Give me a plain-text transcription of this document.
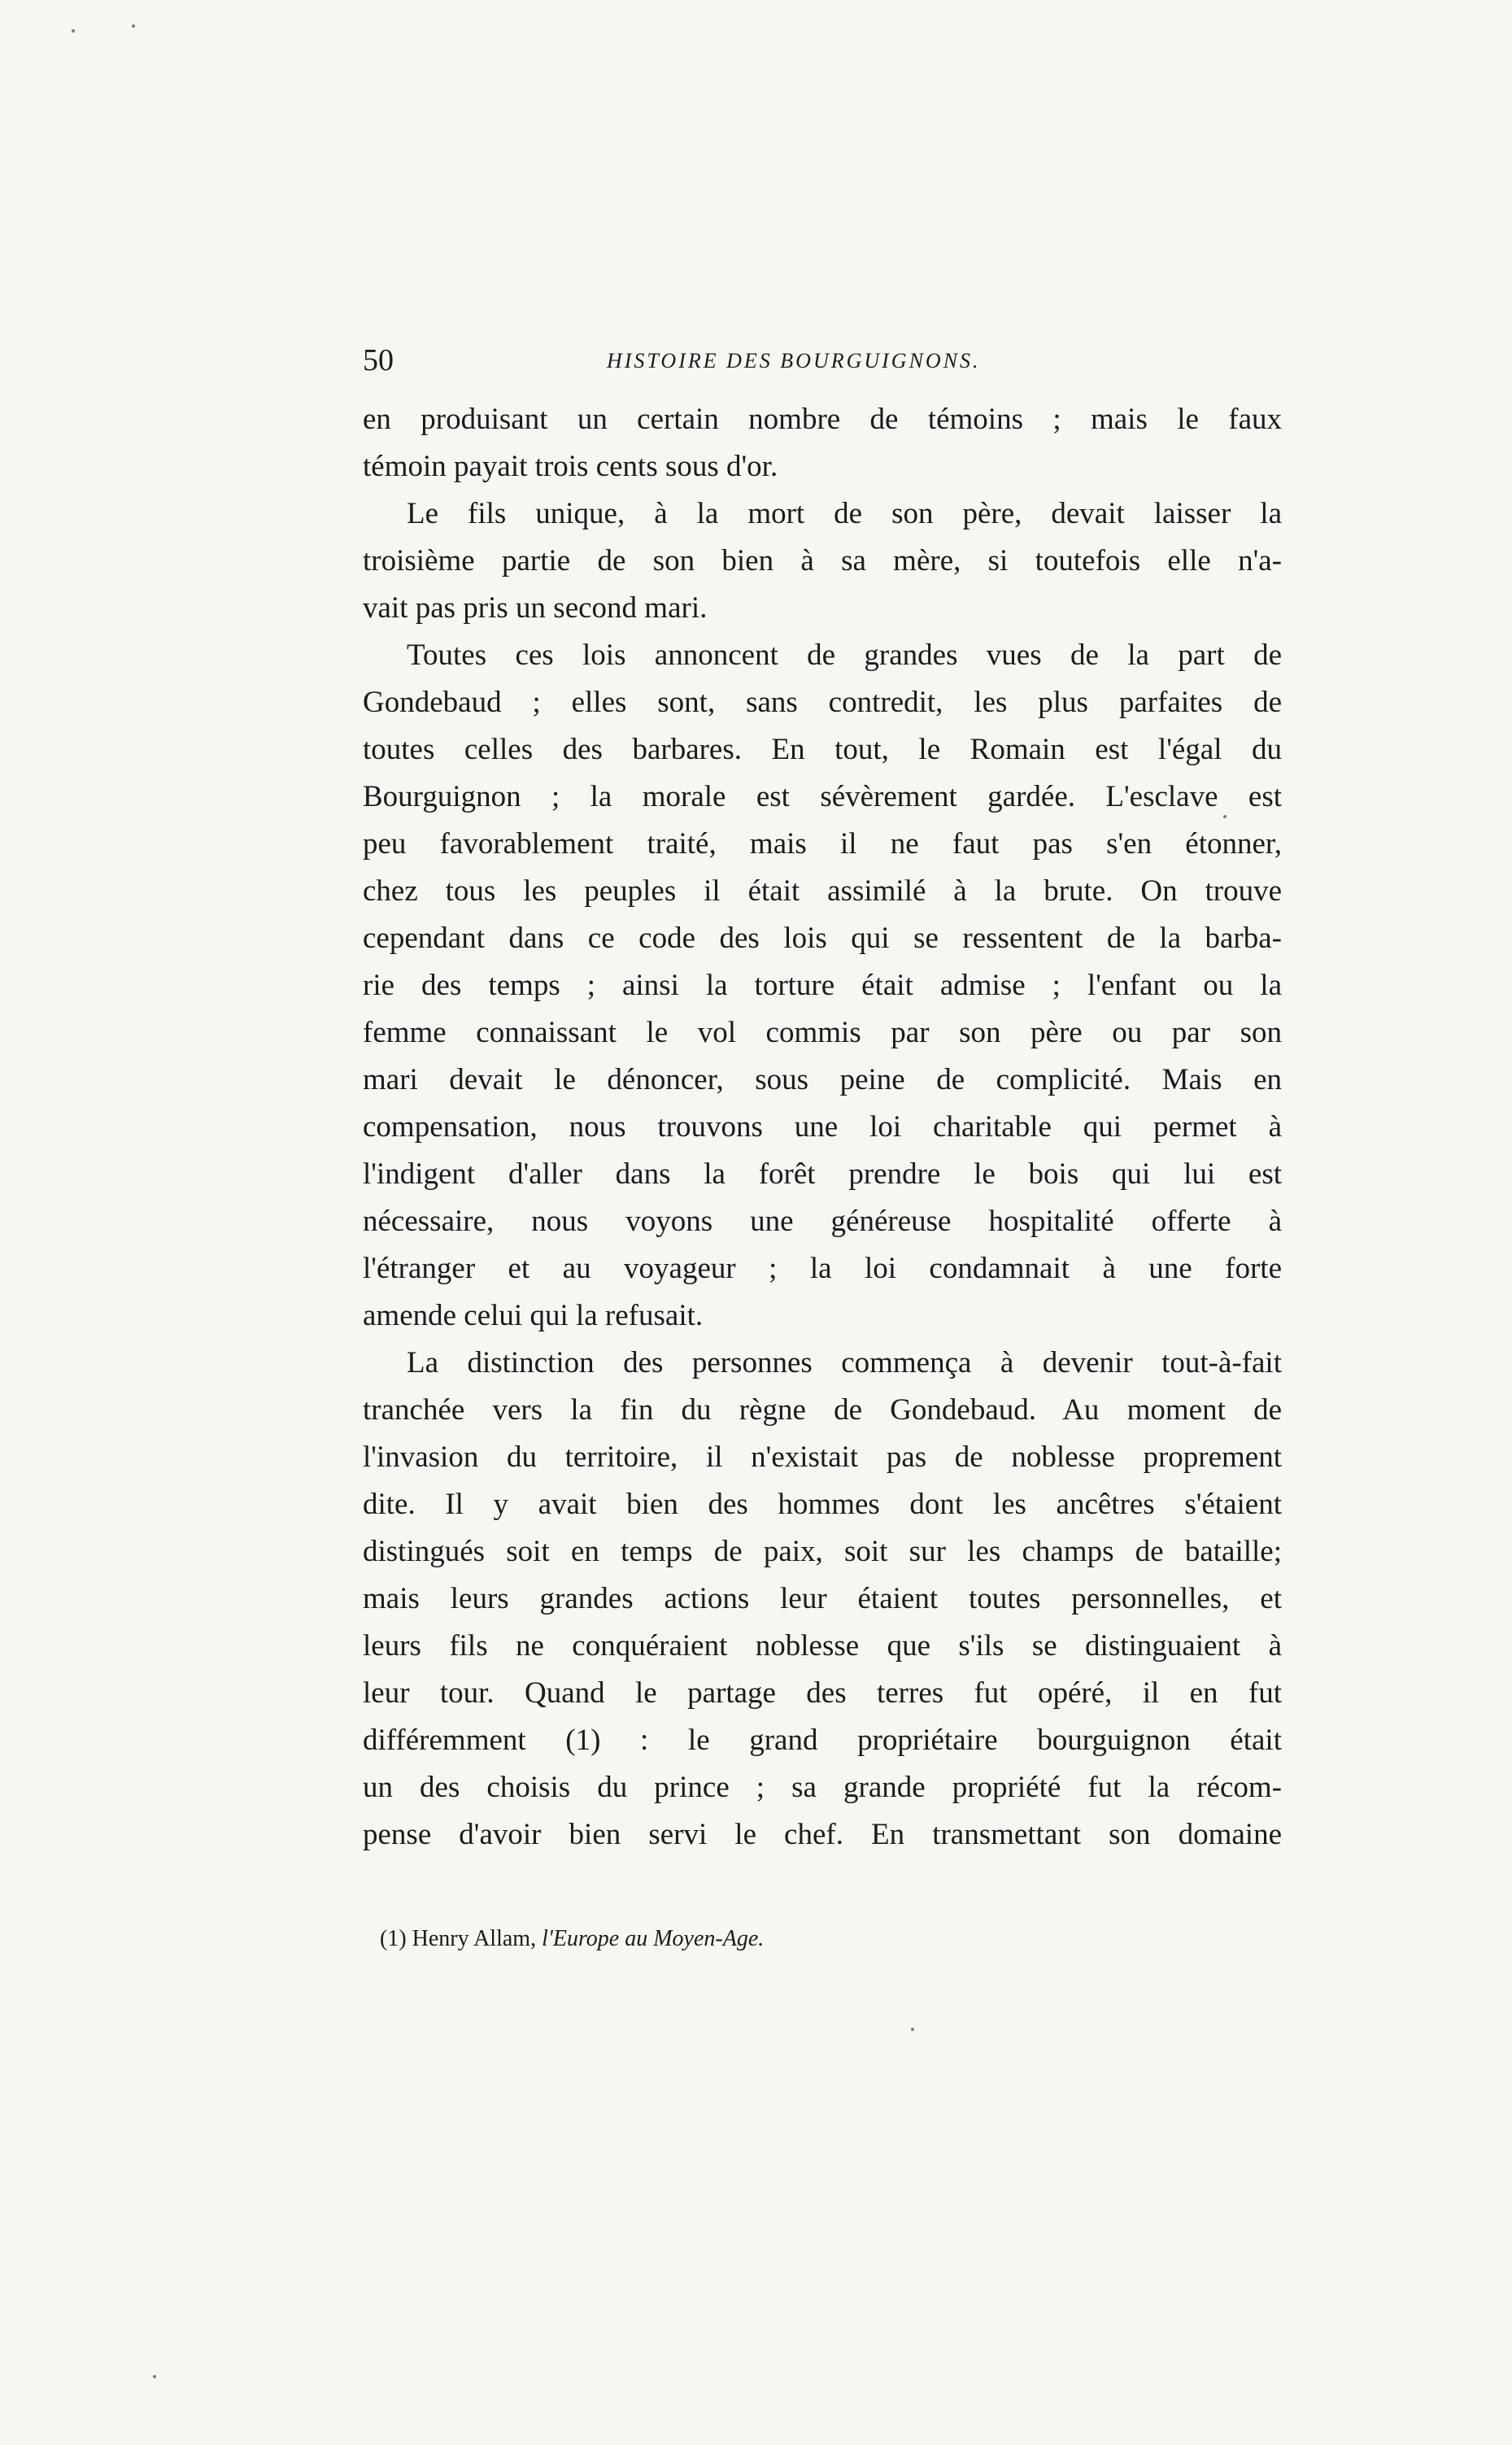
50	HISTOIRE DES BOURGUIGNONS.
en produisant un certain nombre de témoins ; mais le faux
témoin payait trois cents sous d'or.
Le fils unique, à la mort de son père, devait laisser la
troisième partie de son bien à sa mère, si toutefois elle n'a-
vait pas pris un second mari.
Toutes ces lois annoncent de grandes vues de la part de
Gondebaud ; elles sont, sans contredit, les plus parfaites de
toutes celles des barbares. En tout, le Romain est l'égal du
Bourguignon ; la morale est sévèrement gardée. L'esclave est
peu favorablement traité, mais il ne faut pas s'en étonner,
chez tous les peuples il était assimilé à la brute. On trouve
cependant dans ce code des lois qui se ressentent de la barba-
rie des temps ; ainsi la torture était admise ; l'enfant ou la
femme connaissant le vol commis par son père ou par son
mari devait le dénoncer, sous peine de complicité. Mais en
compensation, nous trouvons une loi charitable qui permet à
l'indigent d'aller dans la forêt prendre le bois qui lui est
nécessaire, nous voyons une généreuse hospitalité offerte à
l'étranger et au voyageur ; la loi condamnait à une forte
amende celui qui la refusait.
La distinction des personnes commença à devenir tout-à-fait
tranchée vers la fin du règne de Gondebaud. Au moment de
l'invasion du territoire, il n'existait pas de noblesse proprement
dite. Il y avait bien des hommes dont les ancêtres s'étaient
distingués soit en temps de paix, soit sur les champs de bataille;
mais leurs grandes actions leur étaient toutes personnelles, et
leurs fils ne conquéraient noblesse que s'ils se distinguaient à
leur tour. Quand le partage des terres fut opéré, il en fut
différemment (1) : le grand propriétaire bourguignon était
un des choisis du prince ; sa grande propriété fut la récom-
pense d'avoir bien servi le chef. En transmettant son domaine
(1) Henry Allam, l'Europe au Moyen-Age.
